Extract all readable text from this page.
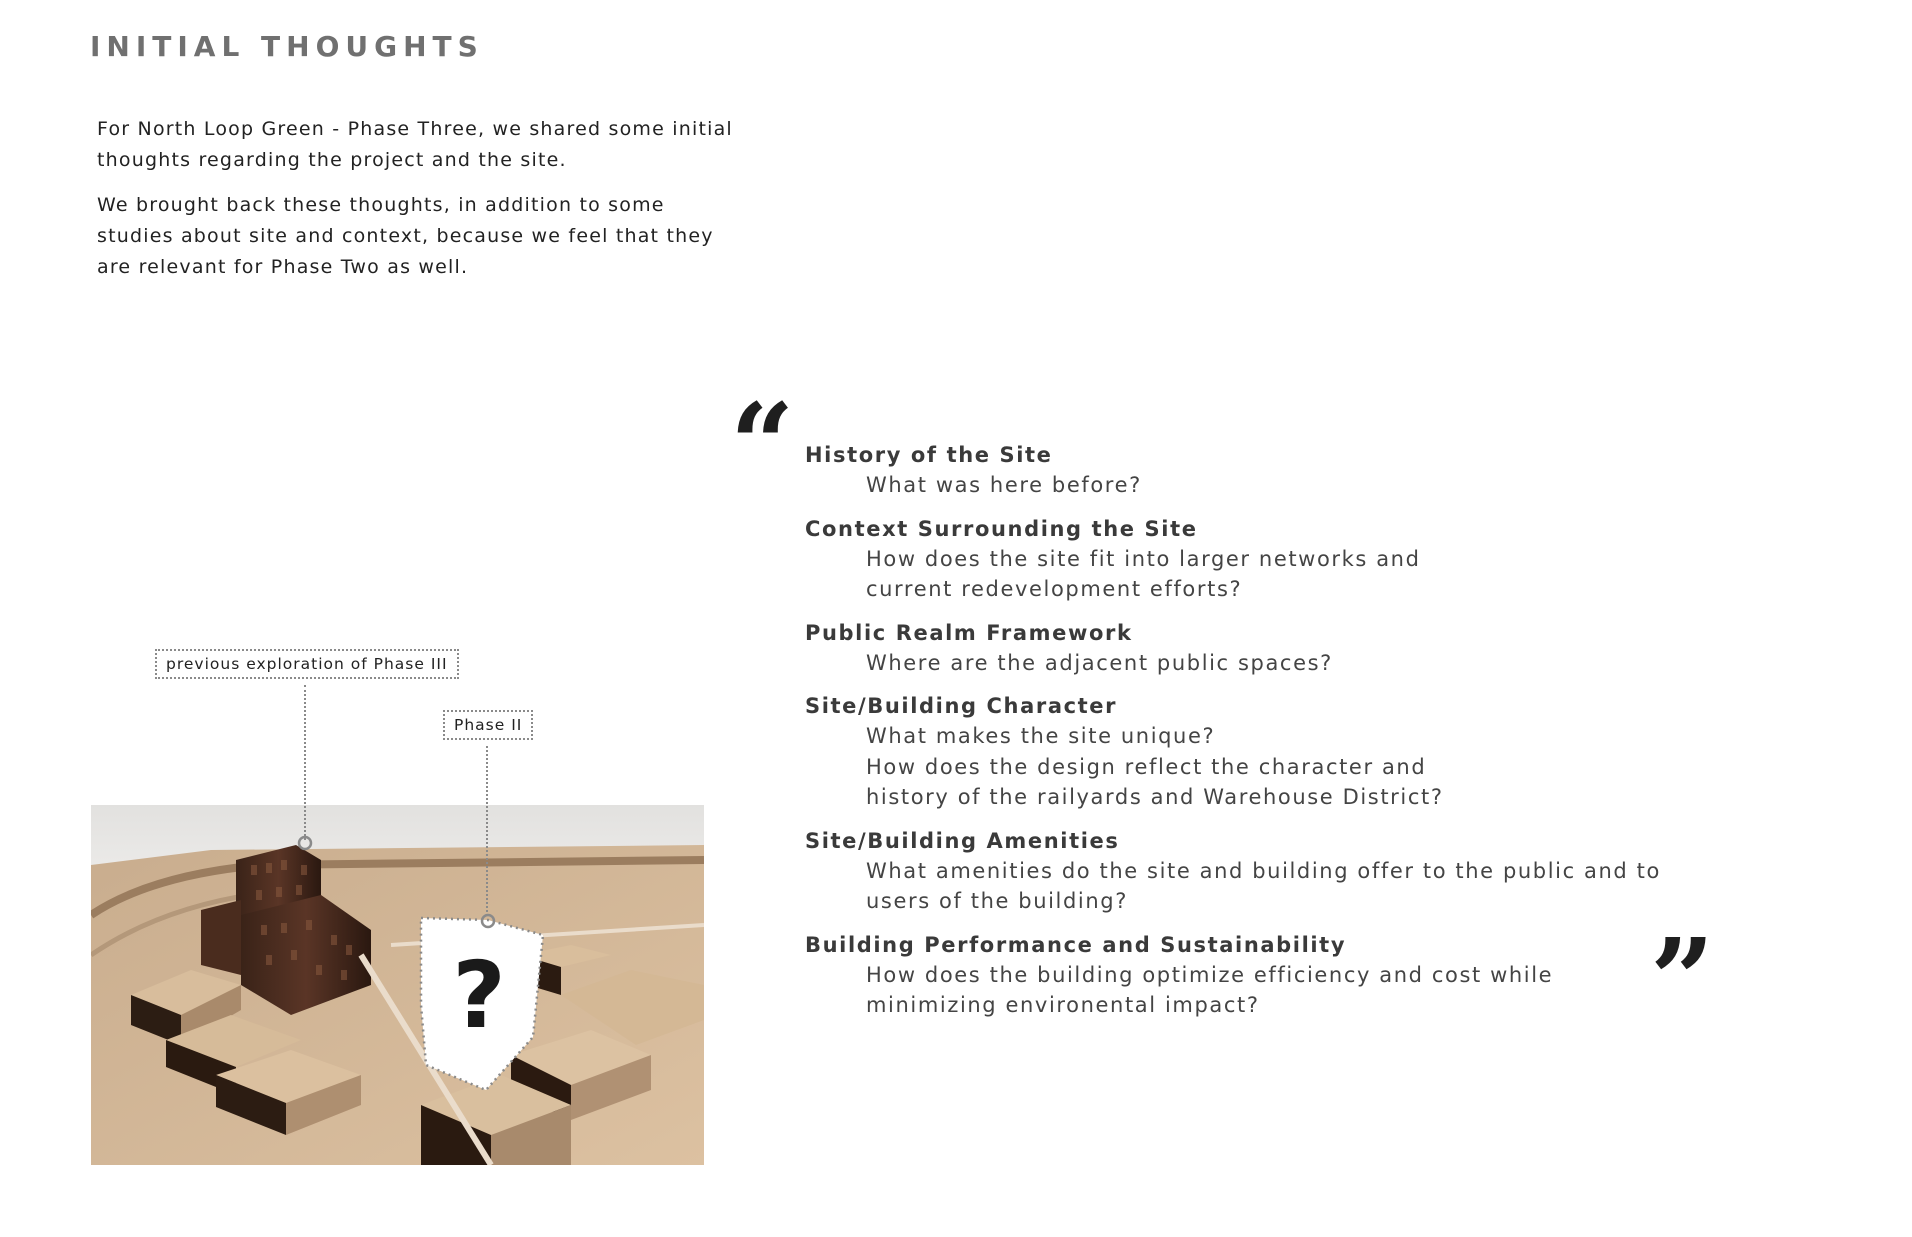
INITIAL THOUGHTS

For North Loop Green - Phase Three, we shared some initial thoughts regarding the project and the site.

We brought back these thoughts, in addition to some studies about site and context, because we feel that they are relevant for Phase Two as well.

“ History of the Site
What was here before?
Context Surrounding the Site
How does the site fit into larger networks and
current redevelopment efforts?
Public Realm Framework
Where are the adjacent public spaces?
Site/Building Character
What makes the site unique?
How does the design reflect the character and
history of the railyards and Warehouse District?
Site/Building Amenities
What amenities do the site and building offer to the public and to
users of the building?
Building Performance and Sustainability
How does the building optimize efficiency and cost while
minimizing environental impact?	”
?
previous exploration of Phase III
Phase II
